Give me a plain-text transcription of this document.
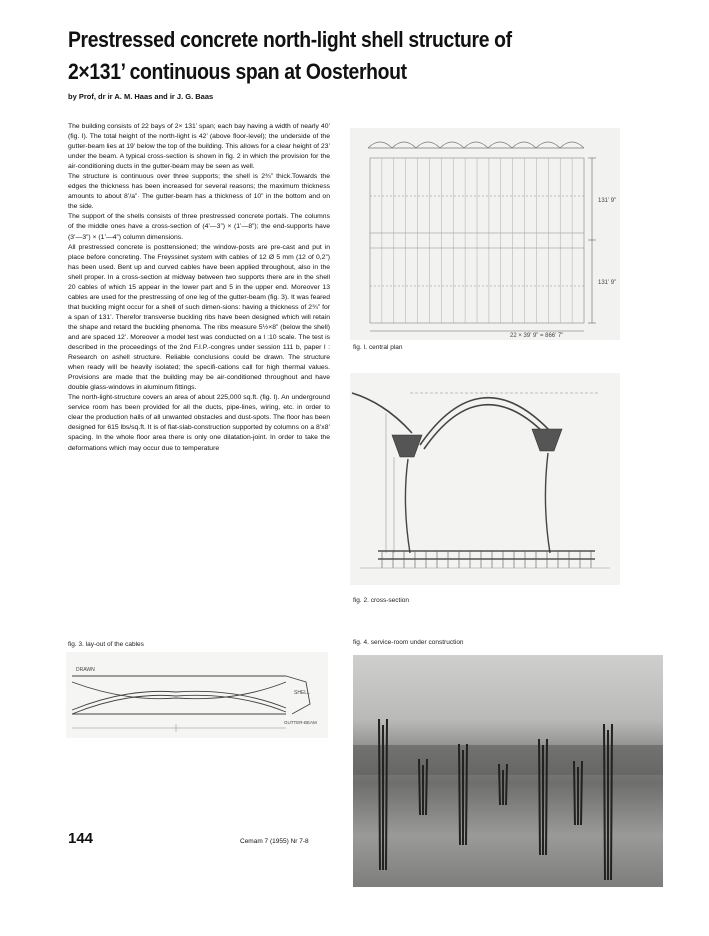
Prestressed concrete north-light shell structure of
2×131’ continuous span at Oosterhout
by Prof, dr ir A. M. Haas and ir J. G. Baas

The building consists of 22 bays of 2× 131’ span; each bay having a width of nearly 40’ (fig. I). The total height of the north-light is 42’ (above floor-level); the underside of the gutter-beam lies at 19’ below the top of the building. This allows for a clear height of 23’ under the beam. A typical cross-section is shown in fig. 2 in which the provision for the air-conditioning ducts in the gutter-beam may be seen as well.

The structure is continuous over three supports; the shell is 2¾” thick.Towards the edges the thickness has been increased for several reasons; the maximum thickness amounts to about 8’/a”· The gutter-beam has a thickness of 10” in the bottom and on the side.

The support of the shells consists of three prestressed concrete portals. The columns of the middle ones have a cross-section of (4’—3”) × (1’—8”); the end-supports have (3’—3”) × (1’—4”) column dimensions.

All prestressed concrete is posttensioned; the window-posts are pre-cast and put in place before concreting. The Freyssinet system with cables of 12 Ø 5 mm (12 of 0,2”) has been used. Bent up and curved cables have been applied throughout, also in the shell proper. In a cross-section at midway between two supports there are in the shell 20 cables of which 15 appear in the lower part and 5 in the upper end. Moreover 13 cables are used for the prestressing of one leg of the gutter-beam (fig. 3). It was feared that buckling might occur for a shell of such dimen-sions: having a thickness of 2¾” for a span of 131’. Therefor transverse buckling ribs have been designed which will retain the shape and retard the buckling phenoma. The ribs measure 5½×8” (below the shell) and are spaced 12’. Moreover a model test was conducted on a l :10 scale. The test is described in the proceedings of the 2nd F.I.P.-congres under session 111 b, paper l : Research on ashell structure. Reliable conclusions could be drawn. The structure when ready will be heavily isolated; the specifi-cations call for high thermal values. Provisions are made that the building may be air-conditioned throughout and have double glass-windows in aluminum fittings.

The north-light-structure covers an area of about 225,000 sq.ft. (fig. I). An underground service room has been provided for all the ducts, pipe-lines, wiring, etc. in order to clear the production halls of all unwanted obstacles and dust-spots. The floor has been designed for 615 lbs/sq.ft. It is of flat-slab-construction supported by columns on a 8’x8’ spacing. In the whole floor area there is only one dilatation-joint. In order to take the deformations which may occur due to temperature

131’ 9”
131’ 9”
22 × 39’ 9” = 866’ 7”
fig. I. central plan
fig. 2. cross-section
fig. 3. lay-out of the cables
DRAWN
SHELL
GUTTER-BEAM
fig. 4. service-room under construction
144	Cemam 7 (1955) Nr 7-8
